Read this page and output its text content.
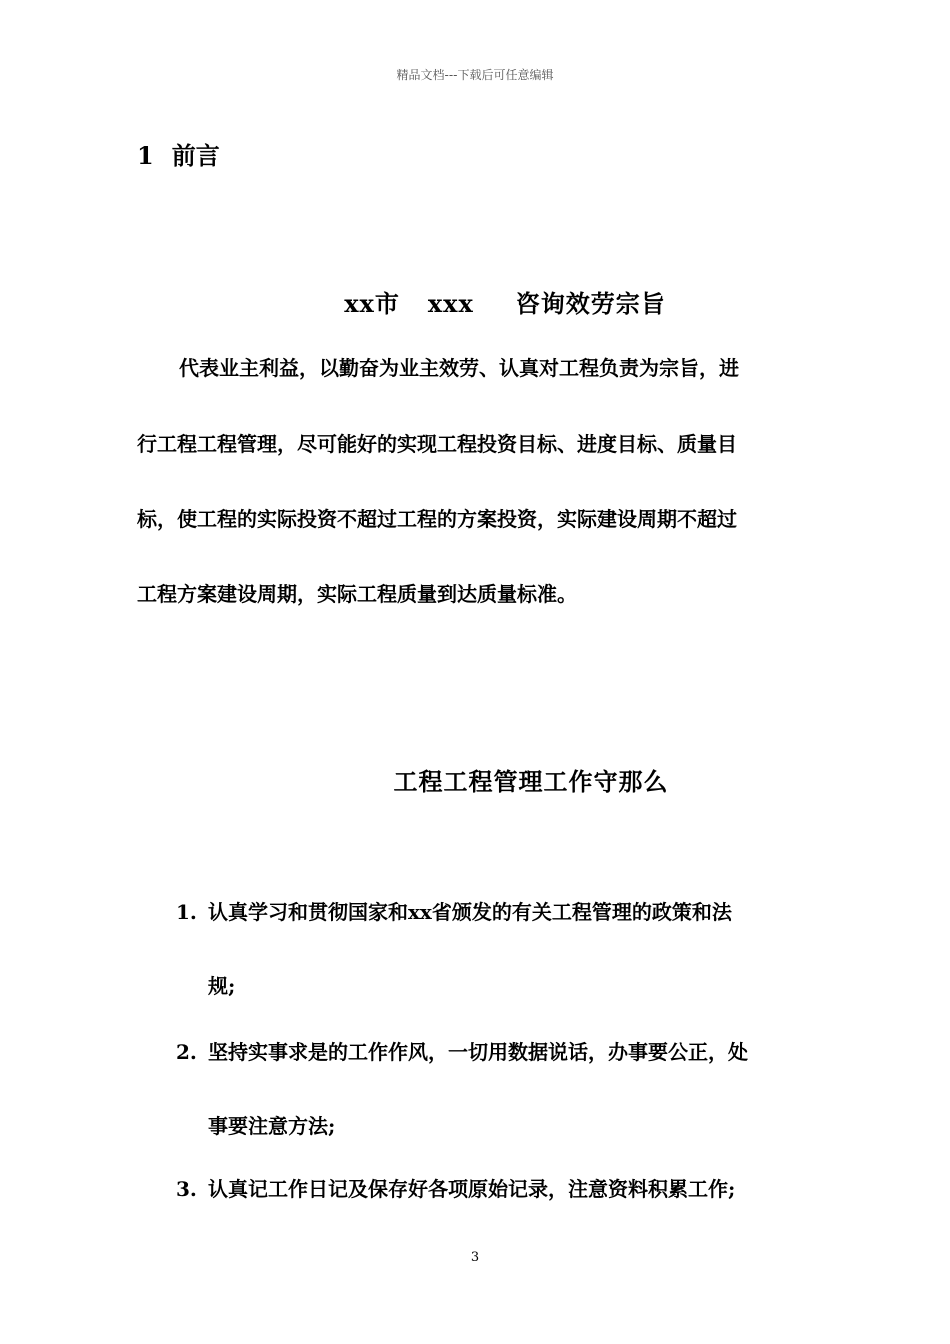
精品文档---下载后可任意编辑
1 前言
xx市 xxx 咨询效劳宗旨
代表业主利益，以勤奋为业主效劳、认真对工程负责为宗旨，进
行工程工程管理，尽可能好的实现工程投资目标、进度目标、质量目
标，使工程的实际投资不超过工程的方案投资，实际建设周期不超过
工程方案建设周期，实际工程质量到达质量标准。
工程工程管理工作守那么
1. 认真学习和贯彻国家和xx省颁发的有关工程管理的政策和法
规;
2. 坚持实事求是的工作作风，一切用数据说话，办事要公正，处
事要注意方法;
3. 认真记工作日记及保存好各项原始记录，注意资料积累工作;
3
